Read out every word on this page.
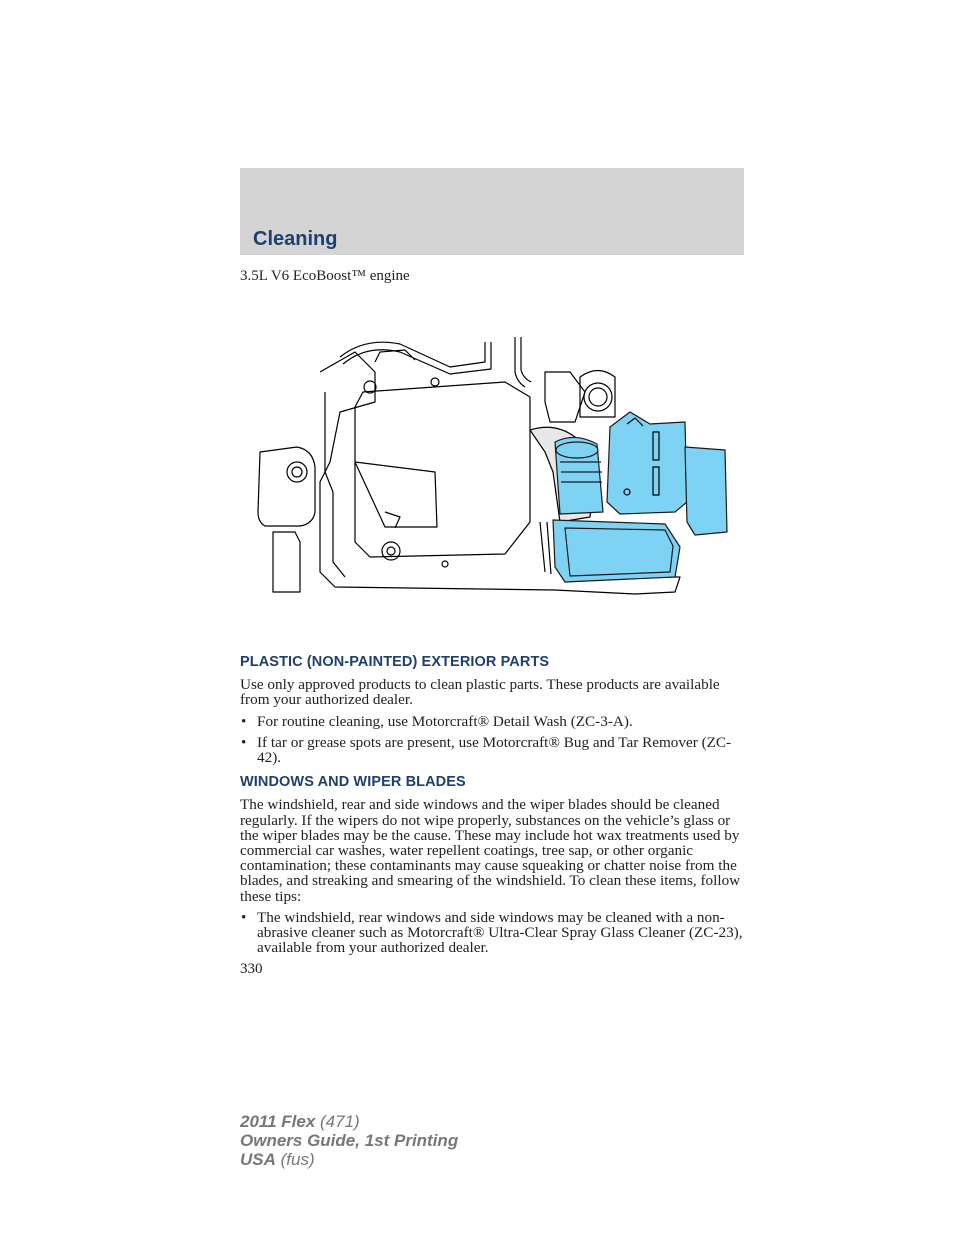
Cleaning
3.5L V6 EcoBoost™ engine
PLASTIC (NON-PAINTED) EXTERIOR PARTS

Use only approved products to clean plastic parts. These products are available from your authorized dealer.

• For routine cleaning, use Motorcraft® Detail Wash (ZC-3-A).
• If tar or grease spots are present, use Motorcraft® Bug and Tar Remover (ZC-42).
WINDOWS AND WIPER BLADES

The windshield, rear and side windows and the wiper blades should be cleaned regularly. If the wipers do not wipe properly, substances on the vehicle’s glass or the wiper blades may be the cause. These may include hot wax treatments used by commercial car washes, water repellent coatings, tree sap, or other organic contamination; these contaminants may cause squeaking or chatter noise from the blades, and streaking and smearing of the windshield. To clean these items, follow these tips:

• The windshield, rear windows and side windows may be cleaned with a non-abrasive cleaner such as Motorcraft® Ultra-Clear Spray Glass Cleaner (ZC-23), available from your authorized dealer.
330
2011 Flex (471)
Owners Guide, 1st Printing
USA (fus)
